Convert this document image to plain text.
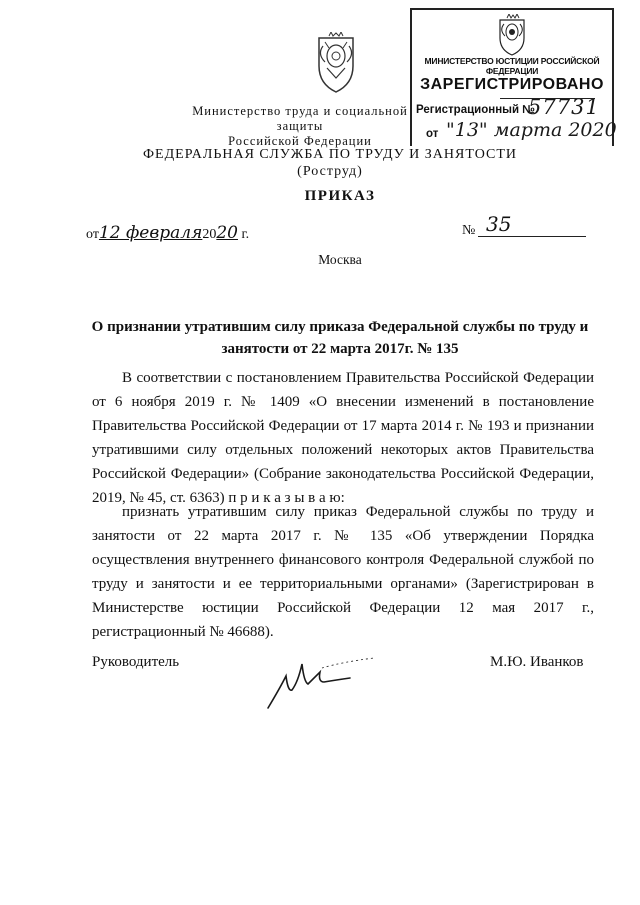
Министерство труда и социальной защиты
Российской Федерации
МИНИСТЕРСТВО ЮСТИЦИИ РОССИЙСКОЙ ФЕДЕРАЦИИ
ЗАРЕГИСТРИРОВАНО
Регистрационный №
57731
от "13" марта 2020
ФЕДЕРАЛЬНАЯ СЛУЖБА ПО ТРУДУ И ЗАНЯТОСТИ
(Роструд)
ПРИКАЗ
от12 февраля2020 г.	№ 35
Москва
О признании утратившим силу приказа Федеральной службы по труду и занятости от 22 марта 2017г. № 135
В соответствии с постановлением Правительства Российской Федерации от 6 ноября 2019 г. № 1409 «О внесении изменений в постановление Правительства Российской Федерации от 17 марта 2014 г. № 193 и признании утратившими силу отдельных положений некоторых актов Правительства Российской Федерации» (Собрание законодательства Российской Федерации, 2019, № 45, ст. 6363) п р и к а з ы в а ю:
признать утратившим силу приказ Федеральной службы по труду и занятости от 22 марта 2017 г. № 135 «Об утверждении Порядка осуществления внутреннего финансового контроля Федеральной службой по труду и занятости и ее территориальными органами» (Зарегистрирован в Министерстве юстиции Российской Федерации 12 мая 2017 г., регистрационный № 46688).
Руководитель	М.Ю. Иванков
